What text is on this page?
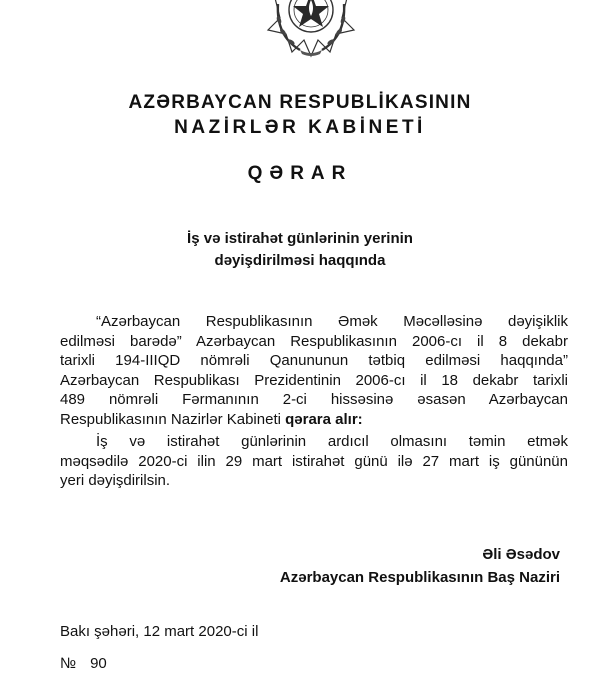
AZƏRBAYCAN RESPUBLİKASININ
NAZİRLƏR KABİNETİ
QƏRAR
İş və istirahət günlərinin yerinin
dəyişdirilməsi haqqında
“Azərbaycan Respublikasının Əmək Məcəlləsinə dəyişiklik
edilməsi barədə” Azərbaycan Respublikasının 2006-cı il 8 dekabr
tarixli 194-IIIQD nömrəli Qanununun tətbiq edilməsi haqqında”
Azərbaycan Respublikası Prezidentinin 2006-cı il 18 dekabr tarixli
489 nömrəli Fərmanının 2-ci hissəsinə əsasən Azərbaycan
Respublikasının Nazirlər Kabineti qərara alır:
İş və istirahət günlərinin ardıcıl olmasını təmin etmək
məqsədilə 2020-ci ilin 29 mart istirahət günü ilə 27 mart iş gününün
yeri dəyişdirilsin.
Əli Əsədov
Azərbaycan Respublikasının Baş Naziri
Bakı şəhəri, 12 mart 2020-ci il
№ 90
